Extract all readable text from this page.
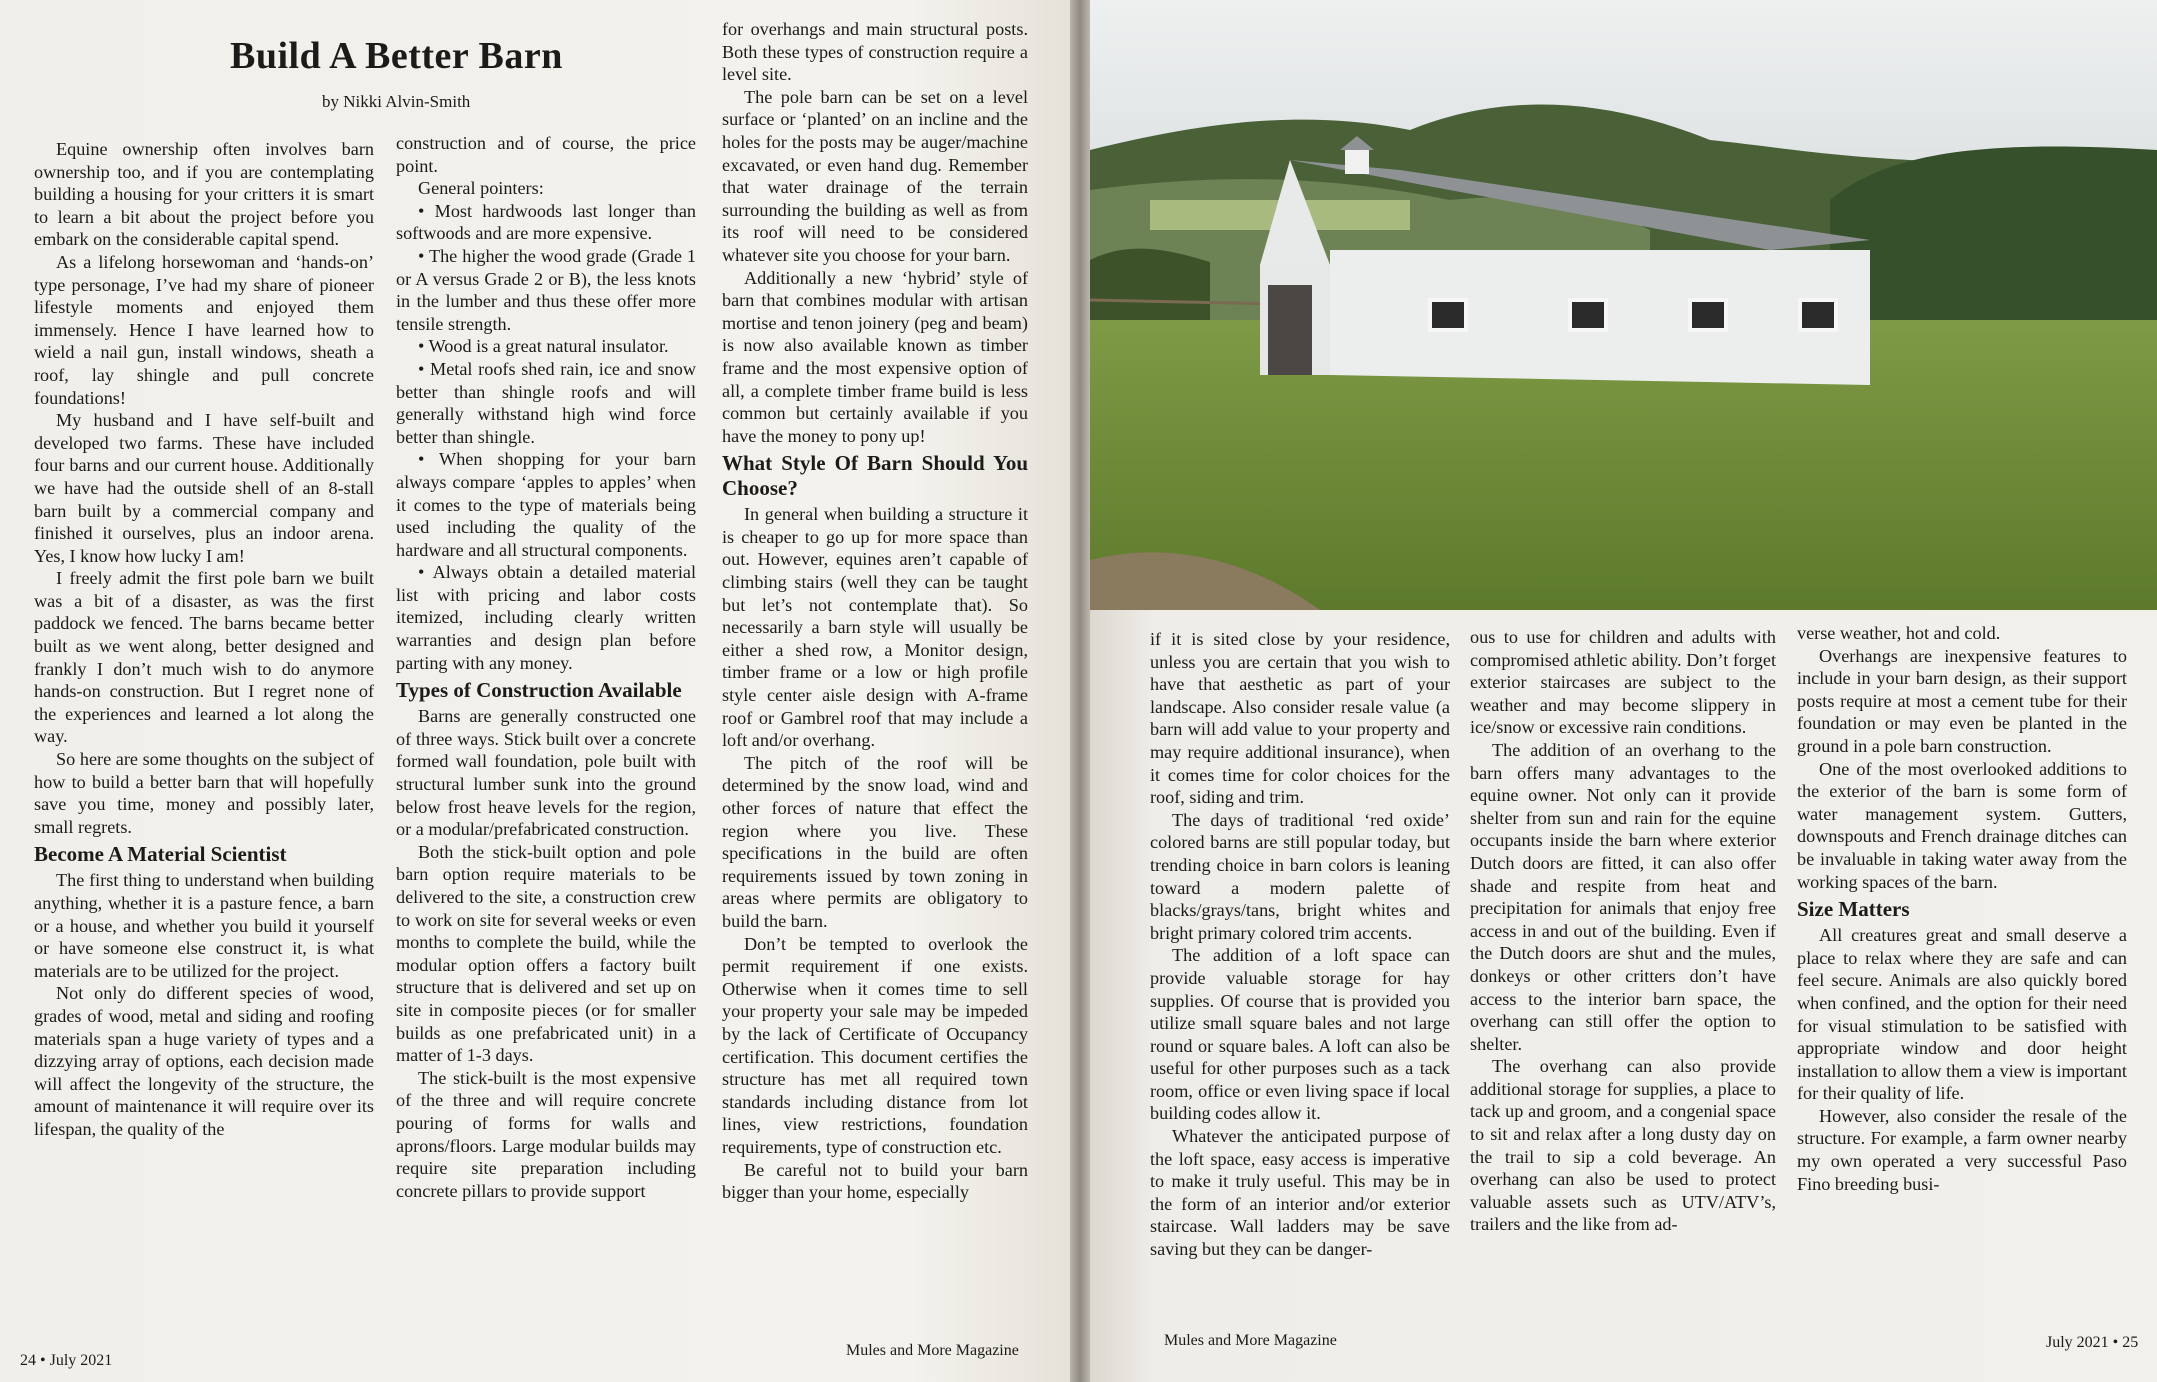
Build A Better Barn
by Nikki Alvin-Smith

Equine ownership often involves barn ownership too, and if you are contemplating building a housing for your critters it is smart to learn a bit about the project before you embark on the considerable capital spend.

As a lifelong horsewoman and ‘hands-on’ type personage, I’ve had my share of pioneer lifestyle moments and enjoyed them immensely. Hence I have learned how to wield a nail gun, install windows, sheath a roof, lay shingle and pull concrete foundations!

My husband and I have self-built and developed two farms. These have included four barns and our current house. Additionally we have had the outside shell of an 8-stall barn built by a commercial company and finished it ourselves, plus an indoor arena. Yes, I know how lucky I am!

I freely admit the first pole barn we built was a bit of a disaster, as was the first paddock we fenced. The barns became better built as we went along, better designed and frankly I don’t much wish to do anymore hands-on construction. But I regret none of the experiences and learned a lot along the way.

So here are some thoughts on the subject of how to build a better barn that will hopefully save you time, money and possibly later, small regrets.

Become A Material Scientist

The first thing to understand when building anything, whether it is a pasture fence, a barn or a house, and whether you build it yourself or have someone else construct it, is what materials are to be utilized for the project.

Not only do different species of wood, grades of wood, metal and siding and roofing materials span a huge variety of types and a dizzying array of options, each decision made will affect the longevity of the structure, the amount of maintenance it will require over its lifespan, the quality of the

construction and of course, the price point.

General pointers:

• Most hardwoods last longer than softwoods and are more expensive.

• The higher the wood grade (Grade 1 or A versus Grade 2 or B), the less knots in the lumber and thus these offer more tensile strength.

• Wood is a great natural insulator.

• Metal roofs shed rain, ice and snow better than shingle roofs and will generally withstand high wind force better than shingle.

• When shopping for your barn always compare ‘apples to apples’ when it comes to the type of materials being used including the quality of the hardware and all structural components.

• Always obtain a detailed material list with pricing and labor costs itemized, including clearly written warranties and design plan before parting with any money.

Types of Construction Available

Barns are generally constructed one of three ways. Stick built over a concrete formed wall foundation, pole built with structural lumber sunk into the ground below frost heave levels for the region, or a modular/prefabricated construction.

Both the stick-built option and pole barn option require materials to be delivered to the site, a construction crew to work on site for several weeks or even months to complete the build, while the modular option offers a factory built structure that is delivered and set up on site in composite pieces (or for smaller builds as one prefabricated unit) in a matter of 1-3 days.

The stick-built is the most expensive of the three and will require concrete pouring of forms for walls and aprons/floors. Large modular builds may require site preparation including concrete pillars to provide support

for overhangs and main structural posts. Both these types of construction require a level site.

The pole barn can be set on a level surface or ‘planted’ on an incline and the holes for the posts may be auger/machine excavated, or even hand dug. Remember that water drainage of the terrain surrounding the building as well as from its roof will need to be considered whatever site you choose for your barn.

Additionally a new ‘hybrid’ style of barn that combines modular with artisan mortise and tenon joinery (peg and beam) is now also available known as timber frame and the most expensive option of all, a complete timber frame build is less common but certainly available if you have the money to pony up!

What Style Of Barn Should You Choose?

In general when building a structure it is cheaper to go up for more space than out. However, equines aren’t capable of climbing stairs (well they can be taught but let’s not contemplate that). So necessarily a barn style will usually be either a shed row, a Monitor design, timber frame or a low or high profile style center aisle design with A-frame roof or Gambrel roof that may include a loft and/or overhang.

The pitch of the roof will be determined by the snow load, wind and other forces of nature that effect the region where you live. These specifications in the build are often requirements issued by town zoning in areas where permits are obligatory to build the barn.

Don’t be tempted to overlook the permit requirement if one exists. Otherwise when it comes time to sell your property your sale may be impeded by the lack of Certificate of Occupancy certification. This document certifies the structure has met all required town standards including distance from lot lines, view restrictions, foundation requirements, type of construction etc.

Be careful not to build your barn bigger than your home, especially

24 • July 2021
Mules and More Magazine

if it is sited close by your residence, unless you are certain that you wish to have that aesthetic as part of your landscape. Also consider resale value (a barn will add value to your property and may require additional insurance), when it comes time for color choices for the roof, siding and trim.

The days of traditional ‘red oxide’ colored barns are still popular today, but trending choice in barn colors is leaning toward a modern palette of blacks/grays/tans, bright whites and bright primary colored trim accents.

The addition of a loft space can provide valuable storage for hay supplies. Of course that is provided you utilize small square bales and not large round or square bales. A loft can also be useful for other purposes such as a tack room, office or even living space if local building codes allow it.

Whatever the anticipated purpose of the loft space, easy access is imperative to make it truly useful. This may be in the form of an interior and/or exterior staircase. Wall ladders may be save saving but they can be danger-

ous to use for children and adults with compromised athletic ability. Don’t forget exterior staircases are subject to the weather and may become slippery in ice/snow or excessive rain conditions.

The addition of an overhang to the barn offers many advantages to the equine owner. Not only can it provide shelter from sun and rain for the equine occupants inside the barn where exterior Dutch doors are fitted, it can also offer shade and respite from heat and precipitation for animals that enjoy free access in and out of the building. Even if the Dutch doors are shut and the mules, donkeys or other critters don’t have access to the interior barn space, the overhang can still offer the option to shelter.

The overhang can also provide additional storage for supplies, a place to tack up and groom, and a congenial space to sit and relax after a long dusty day on the trail to sip a cold beverage. An overhang can also be used to protect valuable assets such as UTV/ATV’s, trailers and the like from ad-

verse weather, hot and cold.

Overhangs are inexpensive features to include in your barn design, as their support posts require at most a cement tube for their foundation or may even be planted in the ground in a pole barn construction.

One of the most overlooked additions to the exterior of the barn is some form of water management system. Gutters, downspouts and French drainage ditches can be invaluable in taking water away from the working spaces of the barn.

Size Matters

All creatures great and small deserve a place to relax where they are safe and can feel secure. Animals are also quickly bored when confined, and the option for their need for visual stimulation to be satisfied with appropriate window and door height installation to allow them a view is important for their quality of life.

However, also consider the resale of the structure. For example, a farm owner nearby my own operated a very successful Paso Fino breeding busi-

Mules and More Magazine	July 2021 • 25
